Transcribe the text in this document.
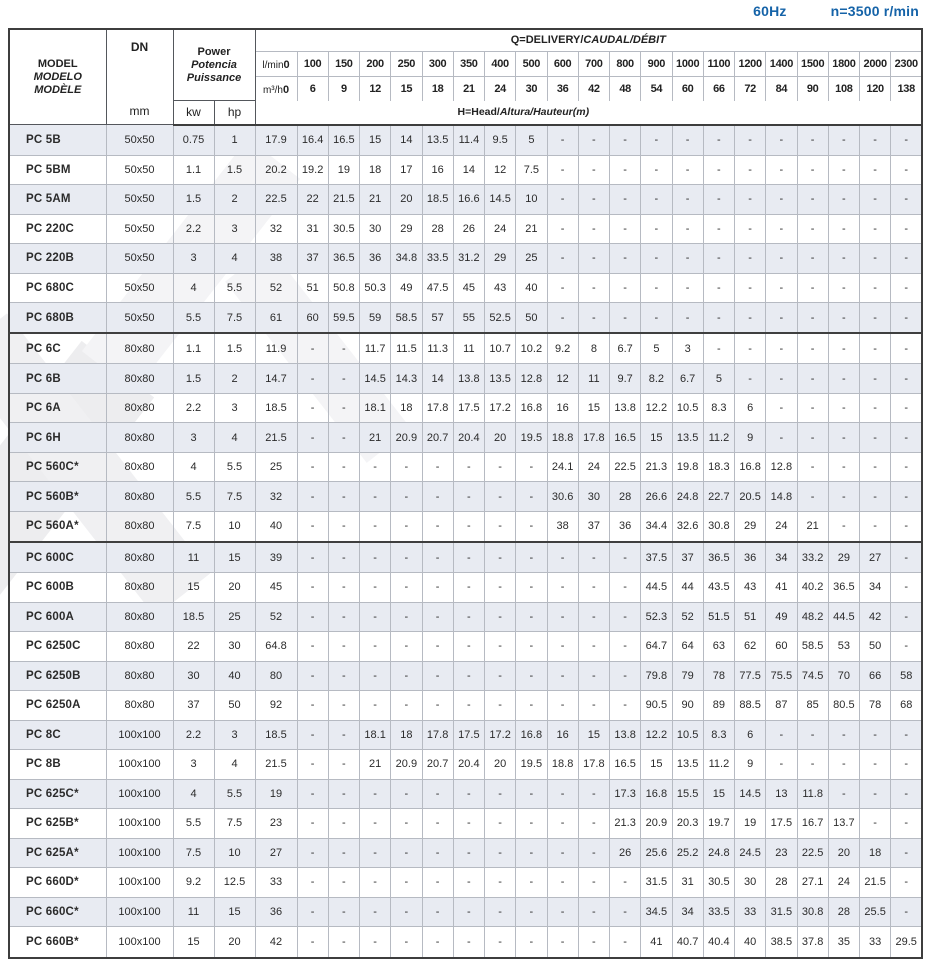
60Hz	n=3500 r/min
MODEL
MODELO
MODÈLE

DN
mm

Power
Potencia
Puissance
	Q=DELIVERY/CAUDAL/DÉBIT
				l/min0	100	150	200	250	300	350	400	500	600	700	800	900	1000	1100	1200	1400	1500	1800	2000	2300
				m³/h0	6	9	12	15	18	21	24	30	36	42	48	54	60	66	72	84	90	108	120	138
		kw	hp	H=Head/Altura/Hauteur(m)																				
PC 5B	50x50	0.75	1	17.9	16.4	16.5	15	14	13.5	11.4	9.5	5	-	-	-	-	-	-	-	-	-	-	-	-
PC 5BM	50x50	1.1	1.5	20.2	19.2	19	18	17	16	14	12	7.5	-	-	-	-	-	-	-	-	-	-	-	-
PC 5AM	50x50	1.5	2	22.5	22	21.5	21	20	18.5	16.6	14.5	10	-	-	-	-	-	-	-	-	-	-	-	-
PC 220C	50x50	2.2	3	32	31	30.5	30	29	28	26	24	21	-	-	-	-	-	-	-	-	-	-	-	-
PC 220B	50x50	3	4	38	37	36.5	36	34.8	33.5	31.2	29	25	-	-	-	-	-	-	-	-	-	-	-	-
PC 680C	50x50	4	5.5	52	51	50.8	50.3	49	47.5	45	43	40	-	-	-	-	-	-	-	-	-	-	-	-
PC 680B	50x50	5.5	7.5	61	60	59.5	59	58.5	57	55	52.5	50	-	-	-	-	-	-	-	-	-	-	-	-
PC 6C	80x80	1.1	1.5	11.9	-	-	11.7	11.5	11.3	11	10.7	10.2	9.2	8	6.7	5	3	-	-	-	-	-	-	-
PC 6B	80x80	1.5	2	14.7	-	-	14.5	14.3	14	13.8	13.5	12.8	12	11	9.7	8.2	6.7	5	-	-	-	-	-	-
PC 6A	80x80	2.2	3	18.5	-	-	18.1	18	17.8	17.5	17.2	16.8	16	15	13.8	12.2	10.5	8.3	6	-	-	-	-	-
PC 6H	80x80	3	4	21.5	-	-	21	20.9	20.7	20.4	20	19.5	18.8	17.8	16.5	15	13.5	11.2	9	-	-	-	-	-
PC 560C*	80x80	4	5.5	25	-	-	-	-	-	-	-	-	24.1	24	22.5	21.3	19.8	18.3	16.8	12.8	-	-	-	-
PC 560B*	80x80	5.5	7.5	32	-	-	-	-	-	-	-	-	30.6	30	28	26.6	24.8	22.7	20.5	14.8	-	-	-	-
PC 560A*	80x80	7.5	10	40	-	-	-	-	-	-	-	-	38	37	36	34.4	32.6	30.8	29	24	21	-	-	-
PC 600C	80x80	11	15	39	-	-	-	-	-	-	-	-	-	-	-	37.5	37	36.5	36	34	33.2	29	27	-
PC 600B	80x80	15	20	45	-	-	-	-	-	-	-	-	-	-	-	44.5	44	43.5	43	41	40.2	36.5	34	-
PC 600A	80x80	18.5	25	52	-	-	-	-	-	-	-	-	-	-	-	52.3	52	51.5	51	49	48.2	44.5	42	-
PC 6250C	80x80	22	30	64.8	-	-	-	-	-	-	-	-	-	-	-	64.7	64	63	62	60	58.5	53	50	-
PC 6250B	80x80	30	40	80	-	-	-	-	-	-	-	-	-	-	-	79.8	79	78	77.5	75.5	74.5	70	66	58
PC 6250A	80x80	37	50	92	-	-	-	-	-	-	-	-	-	-	-	90.5	90	89	88.5	87	85	80.5	78	68
PC 8C	100x100	2.2	3	18.5	-	-	18.1	18	17.8	17.5	17.2	16.8	16	15	13.8	12.2	10.5	8.3	6	-	-	-	-	-
PC 8B	100x100	3	4	21.5	-	-	21	20.9	20.7	20.4	20	19.5	18.8	17.8	16.5	15	13.5	11.2	9	-	-	-	-	-
PC 625C*	100x100	4	5.5	19	-	-	-	-	-	-	-	-	-	-	17.3	16.8	15.5	15	14.5	13	11.8	-	-	-
PC 625B*	100x100	5.5	7.5	23	-	-	-	-	-	-	-	-	-	-	21.3	20.9	20.3	19.7	19	17.5	16.7	13.7	-	-
PC 625A*	100x100	7.5	10	27	-	-	-	-	-	-	-	-	-	-	26	25.6	25.2	24.8	24.5	23	22.5	20	18	-
PC 660D*	100x100	9.2	12.5	33	-	-	-	-	-	-	-	-	-	-	-	31.5	31	30.5	30	28	27.1	24	21.5	-
PC 660C*	100x100	11	15	36	-	-	-	-	-	-	-	-	-	-	-	34.5	34	33.5	33	31.5	30.8	28	25.5	-
PC 660B*	100x100	15	20	42	-	-	-	-	-	-	-	-	-	-	-	41	40.7	40.4	40	38.5	37.8	35	33	29.5
